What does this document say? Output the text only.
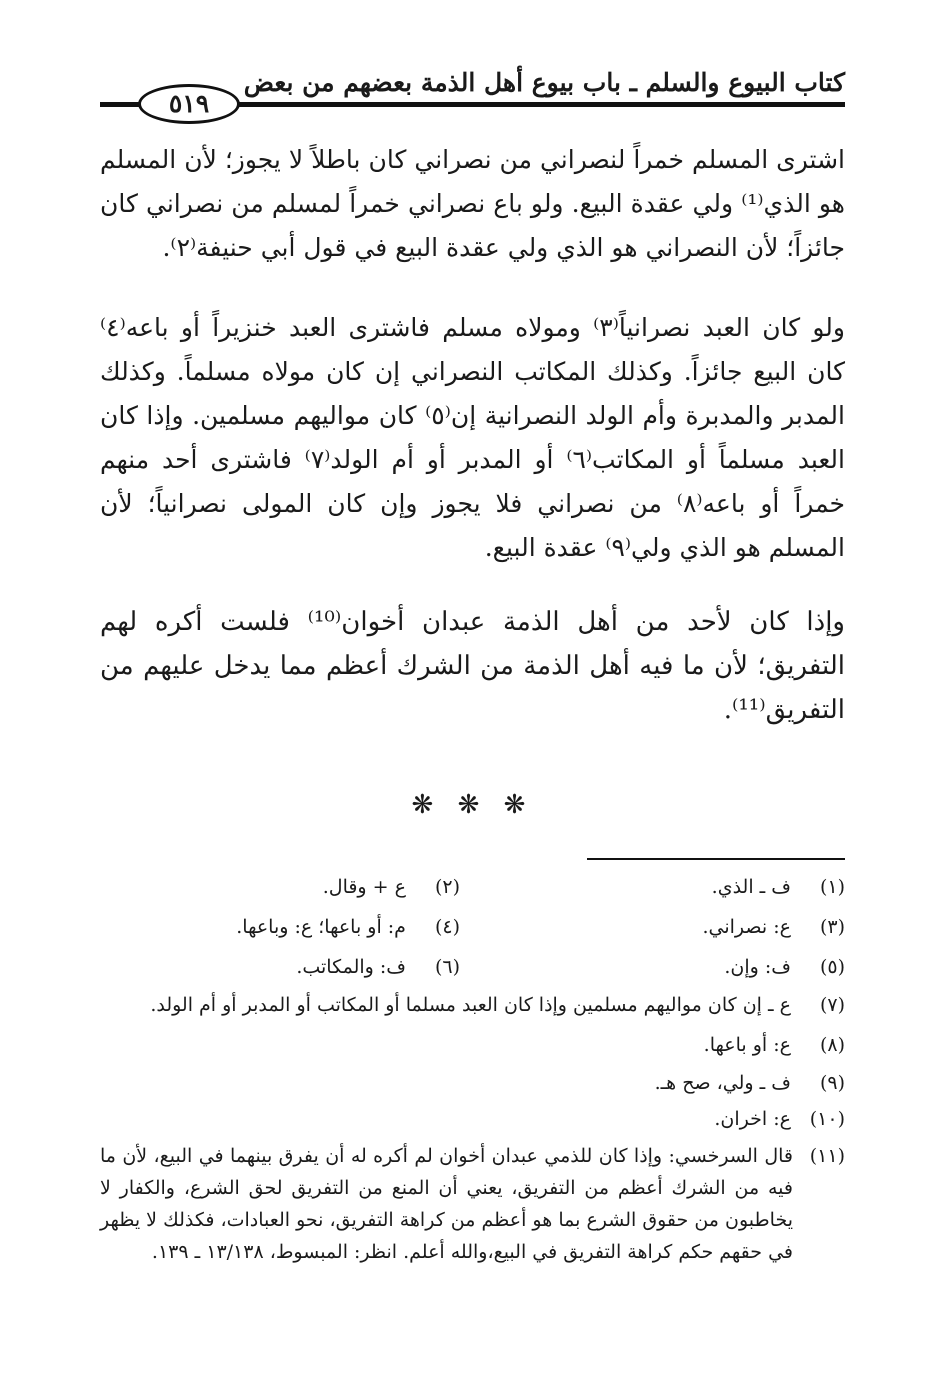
كتاب البيوع والسلم ـ باب بيوع أهل الذمة بعضهم من بعض
٥١٩

اشترى المسلم خمراً لنصراني من نصراني كان باطلاً لا يجوز؛ لأن المسلم هو الذي⁽¹⁾ ولي عقدة البيع. ولو باع نصراني خمراً لمسلم من نصراني كان جائزاً؛ لأن النصراني هو الذي ولي عقدة البيع في قول أبي حنيفة⁽٢⁾.

ولو كان العبد نصرانياً⁽٣⁾ ومولاه مسلم فاشترى العبد خنزيراً أو باعه⁽٤⁾ كان البيع جائزاً. وكذلك المكاتب النصراني إن كان مولاه مسلماً. وكذلك المدبر والمدبرة وأم الولد النصرانية إن⁽٥⁾ كان مواليهم مسلمين. وإذا كان العبد مسلماً أو المكاتب⁽٦⁾ أو المدبر أو أم الولد⁽٧⁾ فاشترى أحد منهم خمراً أو باعه⁽٨⁾ من نصراني فلا يجوز وإن كان المولى نصرانياً؛ لأن المسلم هو الذي ولي⁽٩⁾ عقدة البيع.

وإذا كان لأحد من أهل الذمة عبدان أخوان⁽¹⁰⁾ فلست أكره لهم التفريق؛ لأن ما فيه أهل الذمة من الشرك أعظم مما يدخل عليهم من التفريق⁽¹¹⁾.

❋ ❋ ❋
(١) ف ـ الذي.
(٢) ع + وقال.
(٣) ع: نصراني.
(٤) م: أو باعها؛ ع: وباعها.
(٥) ف: وإن.
(٦) ف: والمكاتب.
(٧) ع ـ إن كان مواليهم مسلمين وإذا كان العبد مسلما أو المكاتب أو المدبر أو أم الولد.
(٨) ع: أو باعها.
(٩) ف ـ ولي، صح هـ.
(١٠) ع: اخران.
(١١)
قال السرخسي: وإذا كان للذمي عبدان أخوان لم أكره له أن يفرق بينهما في البيع، لأن ما فيه من الشرك أعظم من التفريق، يعني أن المنع من التفريق لحق الشرع، والكفار لا يخاطبون من حقوق الشرع بما هو أعظم من كراهة التفريق، نحو العبادات، فكذلك لا يظهر في حقهم حكم كراهة التفريق في البيع،والله أعلم. انظر: المبسوط، ١٣/١٣٨ ـ ١٣٩.
